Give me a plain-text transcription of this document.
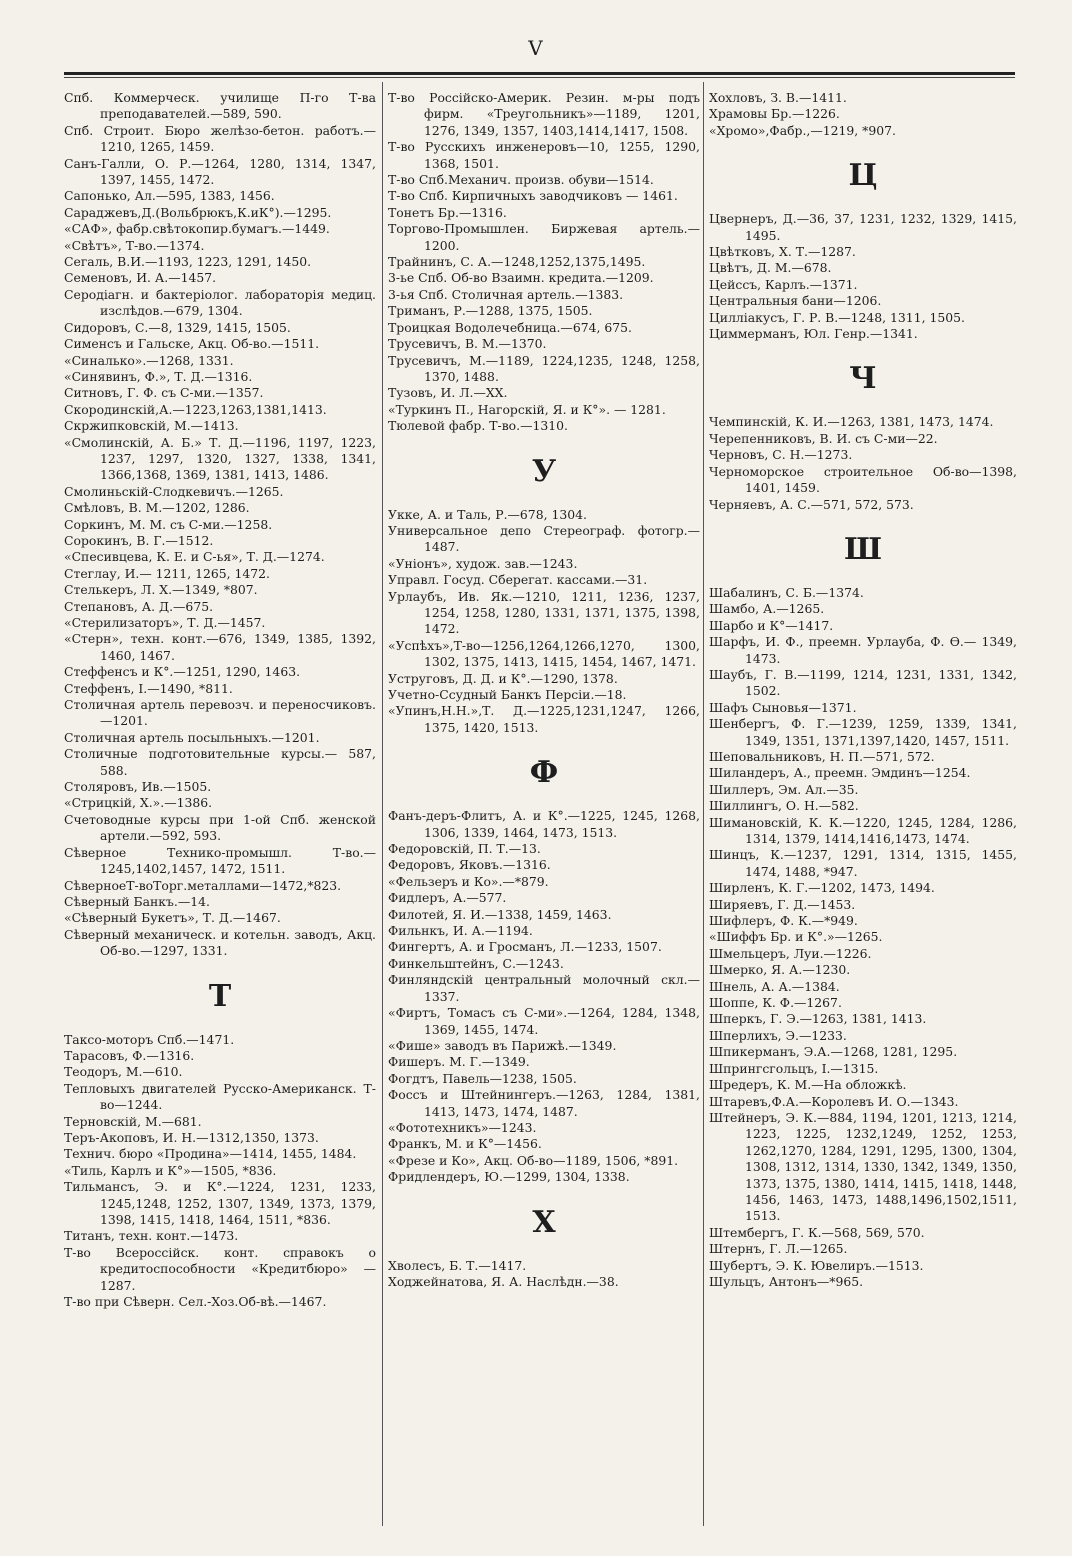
V

Спб. Коммерческ. училище П-го Т-ва преподавателей.—589, 590.

Спб. Строит. Бюро желѣзо-бетон. работъ.—1210, 1265, 1459.

Санъ-Галли, О. Р.—1264, 1280, 1314, 1347, 1397, 1455, 1472.

Сапонько, Ал.—595, 1383, 1456.

Сараджевъ,Д.(Вольбрюкъ,К.иК°).—1295.

«САФ», фабр.свѣтокопир.бумагъ.—1449.

«Свѣтъ», Т-во.—1374.

Сегаль, В.И.—1193, 1223, 1291, 1450.

Семеновъ, И. А.—1457.

Серодіагн. и бактеріолог. лабораторія медиц. изслѣдов.—679, 1304.

Сидоровъ, С.—8, 1329, 1415, 1505.

Сименсъ и Гальске, Акц. Об-во.—1511.

«Синалько».—1268, 1331.

«Синявинъ, Ф.», Т. Д.—1316.

Ситновъ, Г. Ф. съ С-ми.—1357.

Скородинскій,А.—1223,1263,1381,1413.

Скржипковскій, М.—1413.

«Смолинскій, А. Б.» Т. Д.—1196, 1197, 1223, 1237, 1297, 1320, 1327, 1338, 1341, 1366,1368, 1369, 1381, 1413, 1486.

Смолиньскій-Слодкевичъ.—1265.

Смѣловъ, В. М.—1202, 1286.

Соркинъ, М. М. съ С-ми.—1258.

Сорокинъ, В. Г.—1512.

«Спесивцева, К. Е. и С-ья», Т. Д.—1274.

Стеглау, И.— 1211, 1265, 1472.

Стелькеръ, Л. Х.—1349, *807.

Степановъ, А. Д.—675.

«Стерилизаторъ», Т. Д.—1457.

«Стерн», техн. конт.—676, 1349, 1385, 1392, 1460, 1467.

Стеффенсъ и К°.—1251, 1290, 1463.

Стеффенъ, I.—1490, *811.

Столичная артель перевозч. и переносчиковъ.—1201.

Столичная артель посыльныхъ.—1201.

Столичные подготовительные курсы.— 587, 588.

Столяровъ, Ив.—1505.

«Стрицкій, Х.».—1386.

Счетоводные курсы при 1-ой Спб. женской артели.—592, 593.

Сѣверное Технико-промышл. Т-во.— 1245,1402,1457, 1472, 1511.

СѣверноеТ-воТорг.металлами—1472,*823.

Сѣверный Банкъ.—14.

«Сѣверный Букетъ», Т. Д.—1467.

Сѣверный механическ. и котельн. заводъ, Акц. Об-во.—1297, 1331.

Т

Таксо-моторъ Спб.—1471.

Тарасовъ, Ф.—1316.

Теодоръ, М.—610.

Тепловыхъ двигателей Русско-Американск. Т-во—1244.

Терновскій, М.—681.

Теръ-Акоповъ, И. Н.—1312,1350, 1373.

Технич. бюро «Продина»—1414, 1455, 1484.

«Тиль, Карлъ и К°»—1505, *836.

Тильмансъ, Э. и К°.—1224, 1231, 1233, 1245,1248, 1252, 1307, 1349, 1373, 1379, 1398, 1415, 1418, 1464, 1511, *836.

Титанъ, техн. конт.—1473.

Т-во Всероссійск. конт. справокъ о кредитоспособности «Кредитбюро» — 1287.

Т-во при Сѣверн. Сел.-Хоз.Об-вѣ.—1467.

Т-во Россійско-Америк. Резин. м-ры подъ фирм. «Треугольникъ»—1189, 1201, 1276, 1349, 1357, 1403,1414,1417, 1508.

Т-во Русскихъ инженеровъ—10, 1255, 1290, 1368, 1501.

Т-во Спб.Механич. произв. обуви—1514.

Т-во Спб. Кирпичныхъ заводчиковъ — 1461.

Тонетъ Бр.—1316.

Торгово-Промышлен. Биржевая артель.— 1200.

Трайнинъ, С. А.—1248,1252,1375,1495.

3-ье Спб. Об-во Взаимн. кредита.—1209.

3-ья Спб. Столичная артель.—1383.

Триманъ, Р.—1288, 1375, 1505.

Троицкая Водолечебница.—674, 675.

Трусевичъ, В. М.—1370.

Трусевичъ, М.—1189, 1224,1235, 1248, 1258, 1370, 1488.

Тузовъ, И. Л.—XX.

«Туркинъ П., Нагорскій, Я. и К°». — 1281.

Тюлевой фабр. Т-во.—1310.

У

Укке, А. и Таль, Р.—678, 1304.

Универсальное депо Стереограф. фотогр.—1487.

«Уніонъ», худож. зав.—1243.

Управл. Госуд. Сберегат. кассами.—31.

Урлаубъ, Ив. Як.—1210, 1211, 1236, 1237, 1254, 1258, 1280, 1331, 1371, 1375, 1398, 1472.

«Успѣхъ»,Т-во—1256,1264,1266,1270, 1300, 1302, 1375, 1413, 1415, 1454, 1467, 1471.

Уструговъ, Д. Д. и К°.—1290, 1378.

Учетно-Ссудный Банкъ Персіи.—18.

«Упинъ,Н.Н.»,Т. Д.—1225,1231,1247, 1266, 1375, 1420, 1513.

Ф

Фанъ-деръ-Флитъ, А. и К°.—1225, 1245, 1268, 1306, 1339, 1464, 1473, 1513.

Федоровскій, П. Т.—13.

Федоровъ, Яковъ.—1316.

«Фельзеръ и Ко».—*879.

Фидлеръ, А.—577.

Филотей, Я. И.—1338, 1459, 1463.

Фильнкъ, И. А.—1194.

Фингертъ, А. и Гросманъ, Л.—1233, 1507.

Финкельштейнъ, С.—1243.

Финляндскій центральный молочный скл.— 1337.

«Фиртъ, Томасъ съ С-ми».—1264, 1284, 1348, 1369, 1455, 1474.

«Фише» заводъ въ Парижѣ.—1349.

Фишеръ. М. Г.—1349.

Фогдтъ, Павель—1238, 1505.

Фоссъ и Штейнингеръ.—1263, 1284, 1381, 1413, 1473, 1474, 1487.

«Фототехникъ»—1243.

Франкъ, М. и К°—1456.

«Фрезе и Ко», Акц. Об-во—1189, 1506, *891.

Фридлендеръ, Ю.—1299, 1304, 1338.

Х

Хволесъ, Б. Т.—1417.

Ходжейнатова, Я. А. Наслѣдн.—38.

Хохловъ, З. В.—1411.

Храмовы Бр.—1226.

«Хромо»,Фабр.,—1219, *907.

Ц

Цвернеръ, Д.—36, 37, 1231, 1232, 1329, 1415, 1495.

Цвѣтковъ, Х. Т.—1287.

Цвѣтъ, Д. М.—678.

Цейссъ, Карлъ.—1371.

Центральныя бани—1206.

Цилліакусъ, Г. Р. В.—1248, 1311, 1505.

Циммерманъ, Юл. Генр.—1341.

Ч

Чемпинскій, К. И.—1263, 1381, 1473, 1474.

Черепенниковъ, В. И. съ С-ми—22.

Черновъ, С. Н.—1273.

Черноморское строительное Об-во—1398, 1401, 1459.

Черняевъ, А. С.—571, 572, 573.

Ш

Шабалинъ, С. Б.—1374.

Шамбо, А.—1265.

Шарбо и К°—1417.

Шарфъ, И. Ф., преемн. Урлауба, Ф. Ѳ.— 1349, 1473.

Шаубъ, Г. В.—1199, 1214, 1231, 1331, 1342, 1502.

Шафъ Сыновья—1371.

Шенбергъ, Ф. Г.—1239, 1259, 1339, 1341, 1349, 1351, 1371,1397,1420, 1457, 1511.

Шеповальниковъ, Н. П.—571, 572.

Шиландеръ, А., преемн. Эмдинъ—1254.

Шиллеръ, Эм. Ал.—35.

Шиллингъ, О. Н.—582.

Шимановскій, К. К.—1220, 1245, 1284, 1286, 1314, 1379, 1414,1416,1473, 1474.

Шинцъ, К.—1237, 1291, 1314, 1315, 1455, 1474, 1488, *947.

Ширленъ, К. Г.—1202, 1473, 1494.

Ширяевъ, Г. Д.—1453.

Шифлеръ, Ф. К.—*949.

«Шиффъ Бр. и К°.»—1265.

Шмельцеръ, Луи.—1226.

Шмерко, Я. А.—1230.

Шнель, А. А.—1384.

Шоппе, К. Ф.—1267.

Шперкъ, Г. Э.—1263, 1381, 1413.

Шперлихъ, Э.—1233.

Шпикерманъ, Э.А.—1268, 1281, 1295.

Шпрингсгольцъ, I.—1315.

Шредеръ, К. М.—На обложкѣ.

Штаревъ,Ф.А.—Королевъ И. О.—1343.

Штейнеръ, Э. К.—884, 1194, 1201, 1213, 1214, 1223, 1225, 1232,1249, 1252, 1253, 1262,1270, 1284, 1291, 1295, 1300, 1304, 1308, 1312, 1314, 1330, 1342, 1349, 1350, 1373, 1375, 1380, 1414, 1415, 1418, 1448, 1456, 1463, 1473, 1488,1496,1502,1511, 1513.

Штембергъ, Г. К.—568, 569, 570.

Штернъ, Г. Л.—1265.

Шубертъ, Э. К. Ювелиръ.—1513.

Шульцъ, Антонъ—*965.
